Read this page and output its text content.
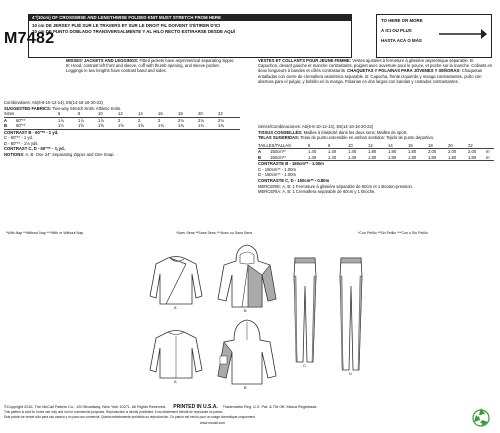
4"(10cm) OF CROSSWISE AND LENGTHWISE FOLDED KNIT MUST STRETCH FROM HERE
10 cm DE JERSEY PLIÉ SUR LE TRAVERS ET SUR LE DROIT FIL DOIVENT S'ÉTIRER D'ICI
10 cm DE PUNTO DOBLADO TRANSVERSALMENTE Y AL HILO RECTO ESTIRARSE DESDE AQUÍ
TO HERE OR MORE
À ICI OU PLUS
HASTA ACÁ O MÁS
M7482
MISSES' JACKETS AND LEGGINGS: Fitted jackets have asymmetrical separating zipper. B: Hood, contrast left front and sleeve, cuff with thumb opening, and sleeve pocket. Leggings in two lengths have contrast band and sides.
VESTES ET COLLANTS POUR JEUNE FEMME: Vestes ajustées à fermeture à glissière asymétrique séparable. B: Capuchon, devant gauche et manche contrastants, poignet avec ouverture pour le pouce, et poche sur la manche. Collants en deux longueurs à bandes et côtés contrastants. CHAQUETAS Y POLAINAS PARA JÓVENES Y SEÑORAS: Chaquetas entalladas con cierre de cremallera asimétrica separable. B: Capucha, frente izquierdo y manga contrastantes, puño con abertura para el pulgar, y bolsillo en la manga. Polainas en dos largos con bandas y costados contrastantes.
Combinations: A5(6-8-10-12-14), E5(14-16-18-20-22)
SUGGESTED FABRICS: Two-way Stretch Knits: Athletic Knits.
Sizes	6	8	10	12	14	16	18	20	22
A 60"**	1⅞	1⅞	1⅞	2	2	2	2⅛	2⅛	2⅛
B 60"**	1½	1⅝	1⅝	1⅝	1⅝	1¾	1¾	1¾	1¾
CONTRAST B - 60"** - 1 yd.
C - 60"** - 1 yd.
D - 60"** - 1⅛ yds.
CONTRAST C, D - 60"** - ⅞ yd.
NOTIONS: A, B: One 24" Separating Zipper and One Snap.
Séries/Combinaciones: A5(6-8-10-12-14), E5(14-16-18-20-22)
TISSUS CONSEILLÉS: Mailles à élasticité dans les deux sens: Mailles de sport.
TELAS SUGERIDAS: Telas de punto extensible en ambos sentidos: Tejido de punto deportivo.
TAILLES/TALLAS	6	8	10	12	14	16	18	20	22
A 150cm**	1.40	1.40	1.40	1.80	1.80	1.80	2.00	2.00	2.00 m
B 150cm**	1.40	1.40	1.40	1.80	1.80	1.80	1.80	1.80	1.80 m
CONTRASTE B - 150cm** - 1.00m
C - 150cm** - 1.00m
D - 150cm** - 1.00m
CONTRASTE C, D - 150cm** - 0.80m
MERCERIE: A, B: 1 Fermeture à glissière séparable de 60cm et 1 Bouton-pression.
MERCERÍA: A, B: 1 Cremallera separable de 60cm y 1 Broche.
*With Nap **Without Nap ***With or Without Nap	*Avec Sens **Sans Sens ***Avec ou Sans Sens	*Con Pelillo **Sin Pelillo ***Con o Sin Pelillo
A
B
C
A
B
D
©Copyright 2016, The McCall Pattern Co., 120 Broadway, New York 10271. All Rights Reserved. PRINTED IN U.S.A. Trademarks Reg. U.S. Pat. & TM Off. Marca Registrada
This pattern is sold for home use only and not for commercial purposes. Reproduction is strictly prohibited. Il est strictement interdit de reproduire ce patron.
Este patrón se vende sólo para uso casero y no para uso comercial. Queda estrictamente prohibida su reproducción. Ce patron est vendu pour un usage domestique uniquement.
www.mccall.com
